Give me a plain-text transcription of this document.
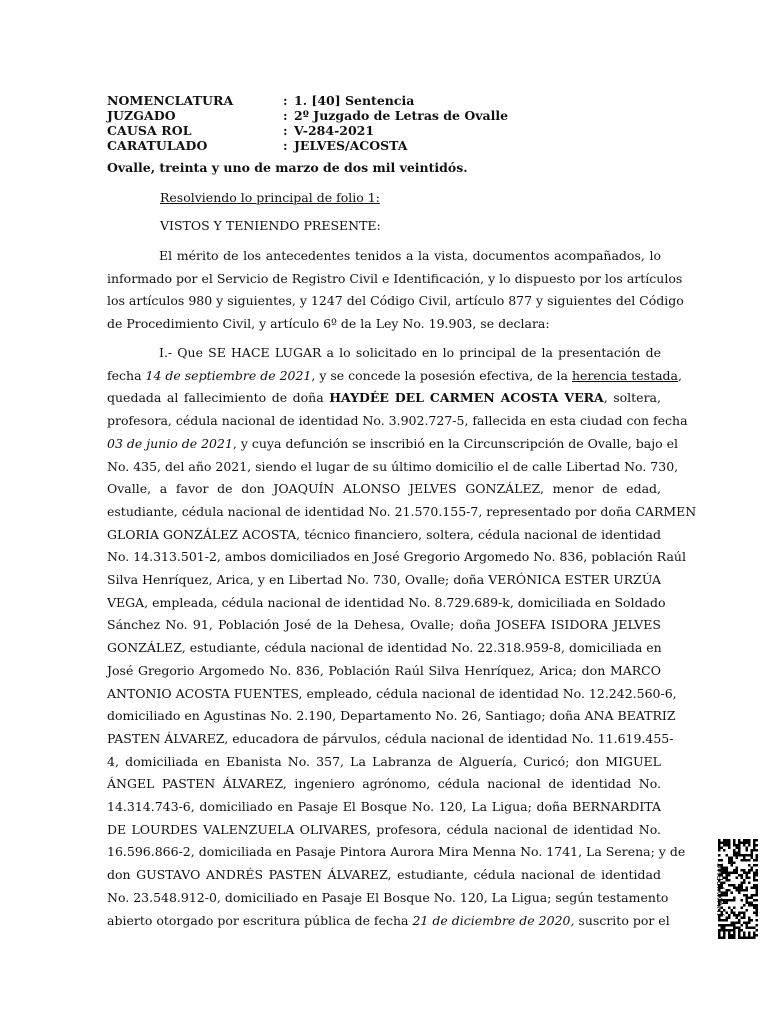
NOMENCLATURA	: 1. [40] Sentencia
JUZGADO	: 2º Juzgado de Letras de Ovalle
CAUSA ROL	: V-284-2021
CARATULADO	: JELVES/ACOSTA
Ovalle, treinta y uno de marzo de dos mil veintidós.
Resolviendo lo principal de folio 1:
VISTOS Y TENIENDO PRESENTE:
El mérito de los antecedentes tenidos a la vista, documentos acompañados, lo
informado por el Servicio de Registro Civil e Identificación, y lo dispuesto por los artículos
los artículos 980 y siguientes, y 1247 del Código Civil, artículo 877 y siguientes del Código
de Procedimiento Civil, y artículo 6º de la Ley No. 19.903, se declara:
I.- Que SE HACE LUGAR a lo solicitado en lo principal de la presentación de
fecha 14 de septiembre de 2021, y se concede la posesión efectiva, de la herencia testada,
quedada al fallecimiento de doña HAYDÉE DEL CARMEN ACOSTA VERA, soltera,
profesora, cédula nacional de identidad No. 3.902.727-5, fallecida en esta ciudad con fecha
03 de junio de 2021, y cuya defunción se inscribió en la Circunscripción de Ovalle, bajo el
No. 435, del año 2021, siendo el lugar de su último domicilio el de calle Libertad No. 730,
Ovalle, a favor de don JOAQUÍN ALONSO JELVES GONZÁLEZ, menor de edad,
estudiante, cédula nacional de identidad No. 21.570.155-7, representado por doña CARMEN
GLORIA GONZÁLEZ ACOSTA, técnico financiero, soltera, cédula nacional de identidad
No. 14.313.501-2, ambos domiciliados en José Gregorio Argomedo No. 836, población Raúl
Silva Henríquez, Arica, y en Libertad No. 730, Ovalle; doña VERÓNICA ESTER URZÚA
VEGA, empleada, cédula nacional de identidad No. 8.729.689-k, domiciliada en Soldado
Sánchez No. 91, Población José de la Dehesa, Ovalle; doña JOSEFA ISIDORA JELVES
GONZÁLEZ, estudiante, cédula nacional de identidad No. 22.318.959-8, domiciliada en
José Gregorio Argomedo No. 836, Población Raúl Silva Henríquez, Arica; don MARCO
ANTONIO ACOSTA FUENTES, empleado, cédula nacional de identidad No. 12.242.560-6,
domiciliado en Agustinas No. 2.190, Departamento No. 26, Santiago; doña ANA BEATRIZ
PASTEN ÁLVAREZ, educadora de párvulos, cédula nacional de identidad No. 11.619.455-
4, domiciliada en Ebanista No. 357, La Labranza de Alguería, Curicó; don MIGUEL
ÁNGEL PASTEN ÁLVAREZ, ingeniero agrónomo, cédula nacional de identidad No.
14.314.743-6, domiciliado en Pasaje El Bosque No. 120, La Ligua; doña BERNARDITA
DE LOURDES VALENZUELA OLIVARES, profesora, cédula nacional de identidad No.
16.596.866-2, domiciliada en Pasaje Pintora Aurora Mira Menna No. 1741, La Serena; y de
don GUSTAVO ANDRÉS PASTEN ÁLVAREZ, estudiante, cédula nacional de identidad
No. 23.548.912-0, domiciliado en Pasaje El Bosque No. 120, La Ligua; según testamento
abierto otorgado por escritura pública de fecha 21 de diciembre de 2020, suscrito por el
JHVXYJPEHC
